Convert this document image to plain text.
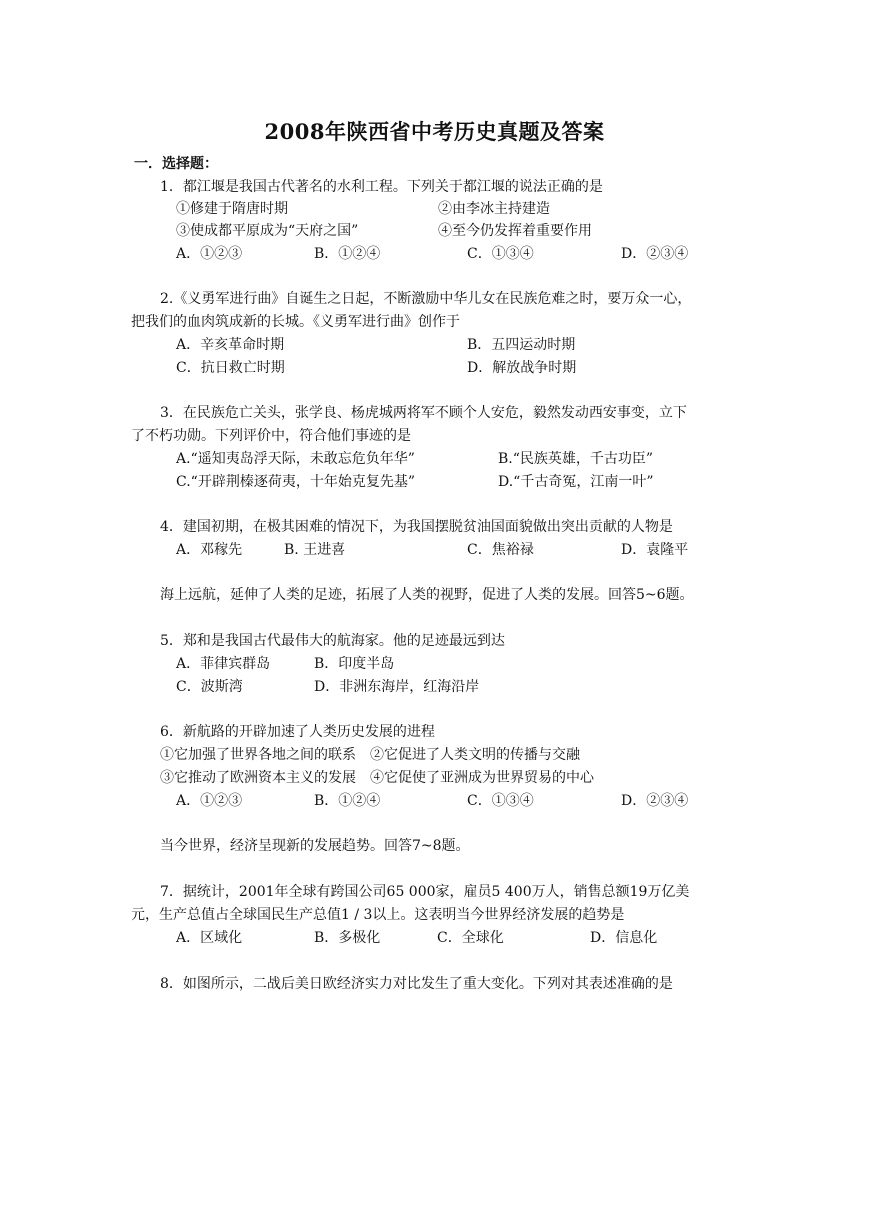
2008年陕西省中考历史真题及答案
一．选择题：
1．都江堰是我国古代著名的水利工程。下列关于都江堰的说法正确的是
①修建于隋唐时期	②由李冰主持建造
③使成都平原成为“天府之国”	④至今仍发挥着重要作用
A．①②③	B．①②④	C．①③④	D．②③④
2.《义勇军进行曲》自诞生之日起，不断激励中华儿女在民族危难之时，要万众一心，
把我们的血肉筑成新的长城。《义勇军进行曲》创作于
A．辛亥革命时期	B．五四运动时期
C．抗日救亡时期	D．解放战争时期
3．在民族危亡关头，张学良、杨虎城两将军不顾个人安危，毅然发动西安事变，立下
了不朽功勋。下列评价中，符合他们事迹的是
A.“遥知夷岛浮天际，未敢忘危负年华”	B.“民族英雄，千古功臣”
C.“开辟荆榛逐荷夷，十年始克复先基”	D.“千古奇冤，江南一叶”
4．建国初期，在极其困难的情况下，为我国摆脱贫油国面貌做出突出贡献的人物是
A．邓稼先	B. 王进喜	C．焦裕禄	D．袁隆平
海上远航，延伸了人类的足迹，拓展了人类的视野，促进了人类的发展。回答5~6题。
5．郑和是我国古代最伟大的航海家。他的足迹最远到达
A．菲律宾群岛	B．印度半岛
C．波斯湾	D．非洲东海岸，红海沿岸
6．新航路的开辟加速了人类历史发展的进程
①它加强了世界各地之间的联系　②它促进了人类文明的传播与交融
③它推动了欧洲资本主义的发展　④它促使了亚洲成为世界贸易的中心
A．①②③	B．①②④	C．①③④	D．②③④
当今世界，经济呈现新的发展趋势。回答7~8题。
7．据统计，2001年全球有跨国公司65 000家，雇员5 400万人，销售总额19万亿美
元，生产总值占全球国民生产总值1 / 3以上。这表明当今世界经济发展的趋势是
A．区域化	B．多极化	C．全球化	D．信息化
8．如图所示，二战后美日欧经济实力对比发生了重大变化。下列对其表述准确的是
